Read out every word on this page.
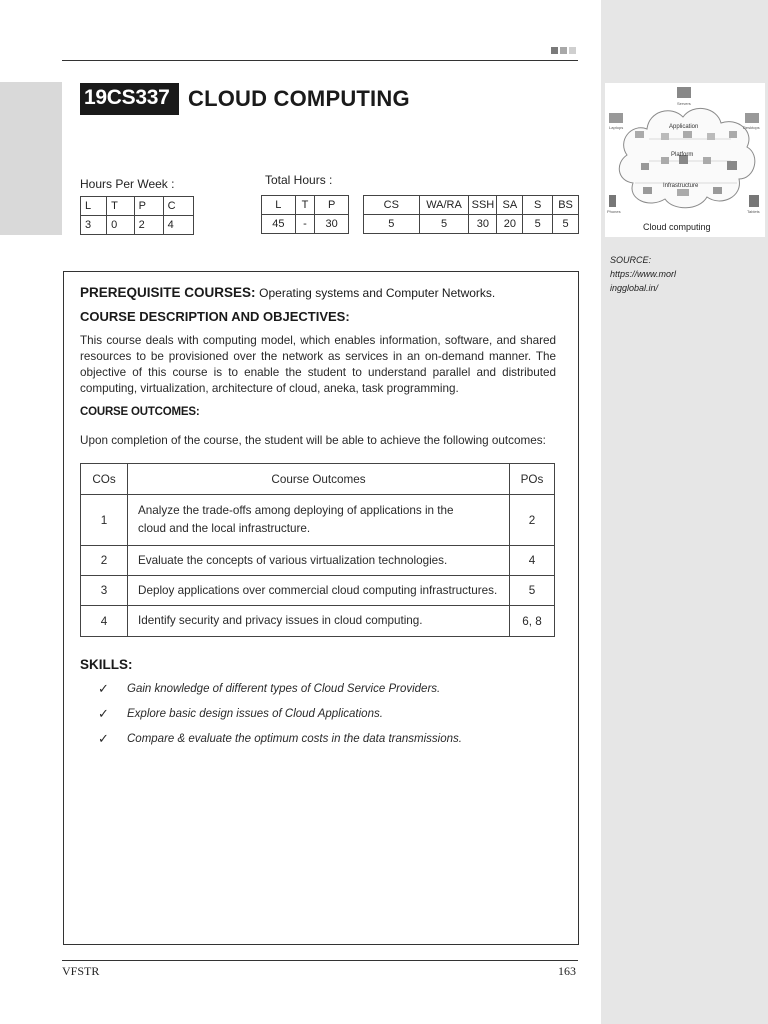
19CS337 CLOUD COMPUTING
Hours Per Week :
L	T	P	C
3	0	2	4
Total Hours :
L	T	P
45	-	30
CS	WA/RA	SSH	SA	S	BS
5	5	30	20	5	5
Application
Platform
Infrastructure
Servers
Laptops	Desktops
Phones	Tablets
Cloud computing
SOURCE:
https://www.morl
ingglobal.in/
PREREQUISITE COURSES: Operating systems and Computer Networks.
COURSE DESCRIPTION AND OBJECTIVES:
This course deals with computing model, which enables information, software, and shared resources to be provisioned over the network as services in an on-demand manner. The objective of this course is to enable the student to understand parallel and distributed computing, virtualization, architecture of cloud, aneka, task programming.
COURSE OUTCOMES:
Upon completion of the course, the student will be able to achieve the following outcomes:
COs	Course Outcomes	POs
1	Analyze the trade-offs among deploying of applications in the cloud and the local infrastructure.	2
2	Evaluate the concepts of various virtualization technologies.	4
3	Deploy applications over commercial cloud computing infrastructures.	5
4	Identify security and privacy issues in cloud computing.	6, 8
SKILLS:
✓	Gain knowledge of different types of Cloud Service Providers.
✓	Explore basic design issues of Cloud Applications.
✓	Compare & evaluate the optimum costs in the data transmissions.
VFSTR	163
